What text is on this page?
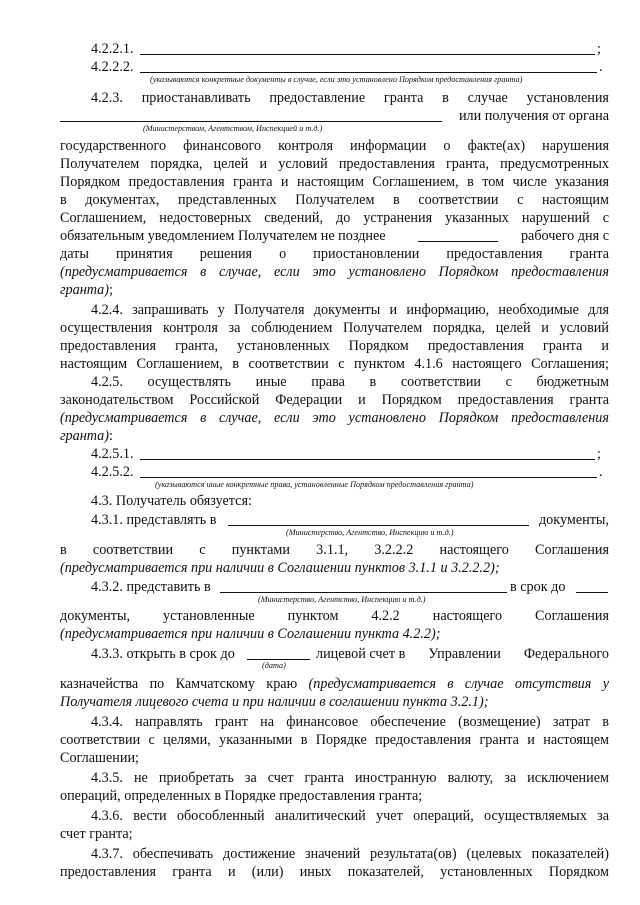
4.2.2.1.	;
4.2.2.2.	.
(указываются конкретные документы в случае, если это установлено Порядком предоставления гранта)
4.2.3. приостанавливать предоставление гранта в случае установления
или получения от органа
(Министерством, Агентством, Инспекцией и т.д.)
государственного финансового контроля информации о факте(ах) нарушения
Получателем порядка, целей и условий предоставления гранта, предусмотренных
Порядком предоставления гранта и настоящим Соглашением, в том числе указания
в документах, представленных Получателем в соответствии с настоящим
Соглашением, недостоверных сведений, до устранения указанных нарушений с
обязательным уведомлением Получателем не позднее	рабочего дня с
даты принятия решения о приостановлении предоставления гранта
(предусматривается в случае, если это установлено Порядком предоставления
гранта);
4.2.4. запрашивать у Получателя документы и информацию, необходимые для
осуществления контроля за соблюдением Получателем порядка, целей и условий
предоставления гранта, установленных Порядком предоставления гранта и
настоящим Соглашением, в соответствии с пунктом 4.1.6 настоящего Соглашения;
4.2.5. осуществлять иные права в соответствии с бюджетным
законодательством Российской Федерации и Порядком предоставления гранта
(предусматривается в случае, если это установлено Порядком предоставления
гранта):
4.2.5.1.	;
4.2.5.2.	.
(указываются иные конкретные права, установленные Порядком предоставления гранта)
4.3. Получатель обязуется:
4.3.1. представлять в	документы,
(Министерство, Агентство, Инспекцию и т.д.)
в соответствии с пунктами 3.1.1, 3.2.2.2 настоящего Соглашения
(предусматривается при наличии в Соглашении пунктов 3.1.1 и 3.2.2.2);
4.3.2. представить в	в срок до
(Министерство, Агентство, Инспекцию и т.д.)
документы, установленные пунктом 4.2.2 настоящего Соглашения
(предусматривается при наличии в Соглашении пункта 4.2.2);
4.3.3. открыть в срок до	лицевой счет в Управлении Федерального
(дата)
казначейства по Камчатскому краю (предусматривается в случае отсутствия у
Получателя лицевого счета и при наличии в соглашении пункта 3.2.1);
4.3.4. направлять грант на финансовое обеспечение (возмещение) затрат в
соответствии с целями, указанными в Порядке предоставления гранта и настоящем
Соглашении;
4.3.5. не приобретать за счет гранта иностранную валюту, за исключением
операций, определенных в Порядке предоставления гранта;
4.3.6. вести обособленный аналитический учет операций, осуществляемых за
счет гранта;
4.3.7. обеспечивать достижение значений результата(ов) (целевых показателей)
предоставления гранта и (или) иных показателей, установленных Порядком
